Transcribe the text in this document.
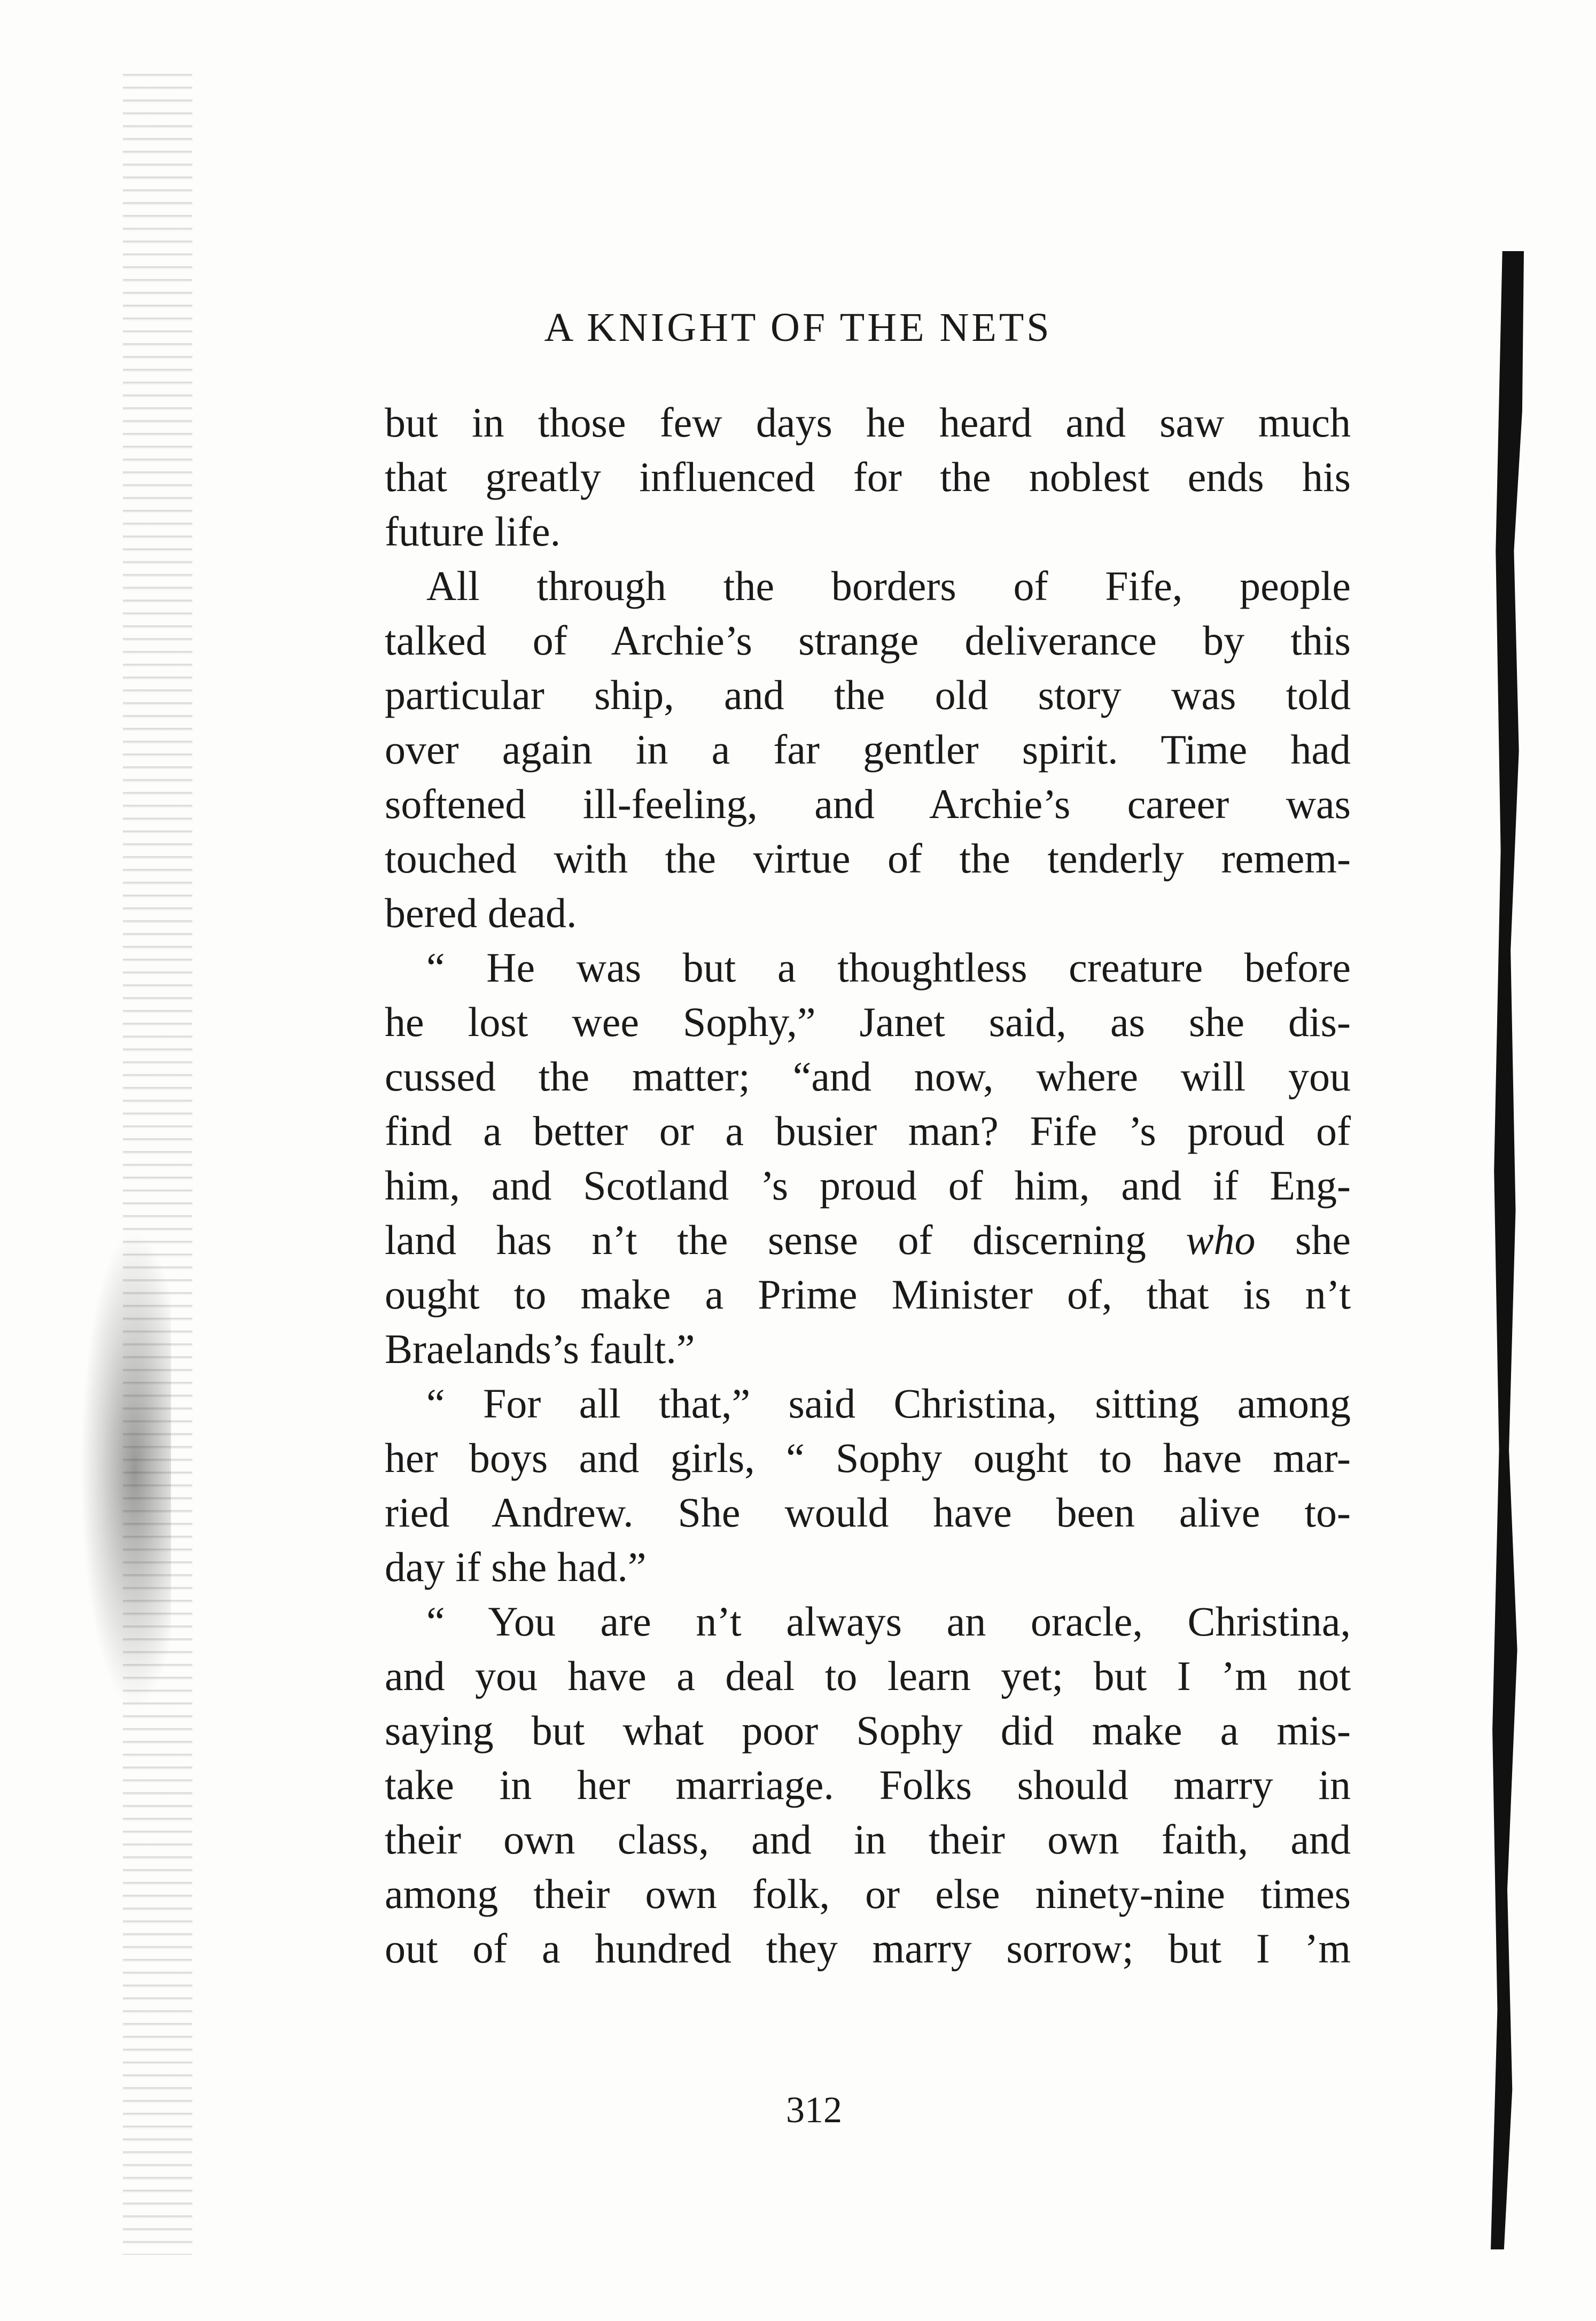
A KNIGHT OF THE NETS

but in those few days he heard and saw much

that greatly influenced for the noblest ends his

future life.

All through the borders of Fife, people

talked of Archie’s strange deliverance by this

particular ship, and the old story was told

over again in a far gentler spirit. Time had

softened ill-feeling, and Archie’s career was

touched with the virtue of the tenderly remem-

bered dead.

“ He was but a thoughtless creature before

he lost wee Sophy,” Janet said, as she dis-

cussed the matter; “and now, where will you

find a better or a busier man? Fife ’s proud of

him, and Scotland ’s proud of him, and if Eng-

land has n’t the sense of discerning who she

ought to make a Prime Minister of, that is n’t

Braelands’s fault.”

“ For all that,” said Christina, sitting among

her boys and girls, “ Sophy ought to have mar-

ried Andrew. She would have been alive to-

day if she had.”

“ You are n’t always an oracle, Christina,

and you have a deal to learn yet; but I ’m not

saying but what poor Sophy did make a mis-

take in her marriage. Folks should marry in

their own class, and in their own faith, and

among their own folk, or else ninety-nine times

out of a hundred they marry sorrow; but I ’m

312
